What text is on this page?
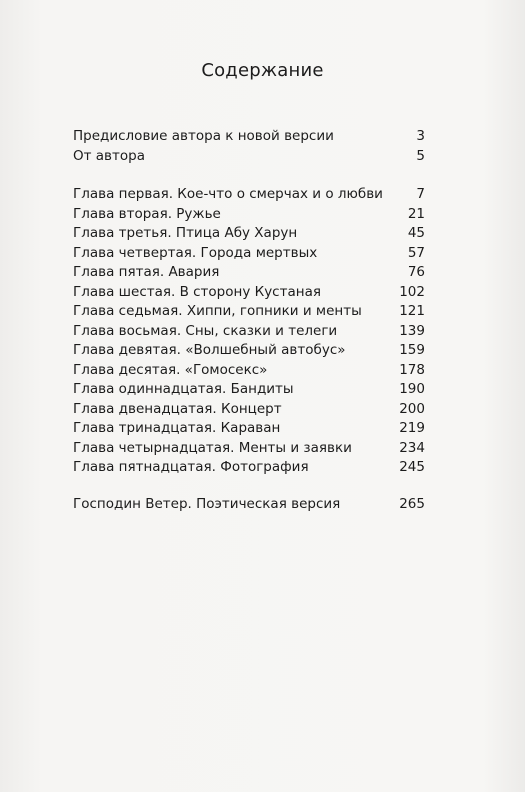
Содержание
Предисловие автора к новой версии	3
От автора	5
Глава первая. Кое-что о смерчах и о любви	7
Глава вторая. Ружье	21
Глава третья. Птица Абу Харун	45
Глава четвертая. Города мертвых	57
Глава пятая. Авария	76
Глава шестая. В сторону Кустаная	102
Глава седьмая. Хиппи, гопники и менты	121
Глава восьмая. Сны, сказки и телеги	139
Глава девятая. «Волшебный автобус»	159
Глава десятая. «Гомосекс»	178
Глава одиннадцатая. Бандиты	190
Глава двенадцатая. Концерт	200
Глава тринадцатая. Караван	219
Глава четырнадцатая. Менты и заявки	234
Глава пятнадцатая. Фотография	245
Господин Ветер. Поэтическая версия	265
